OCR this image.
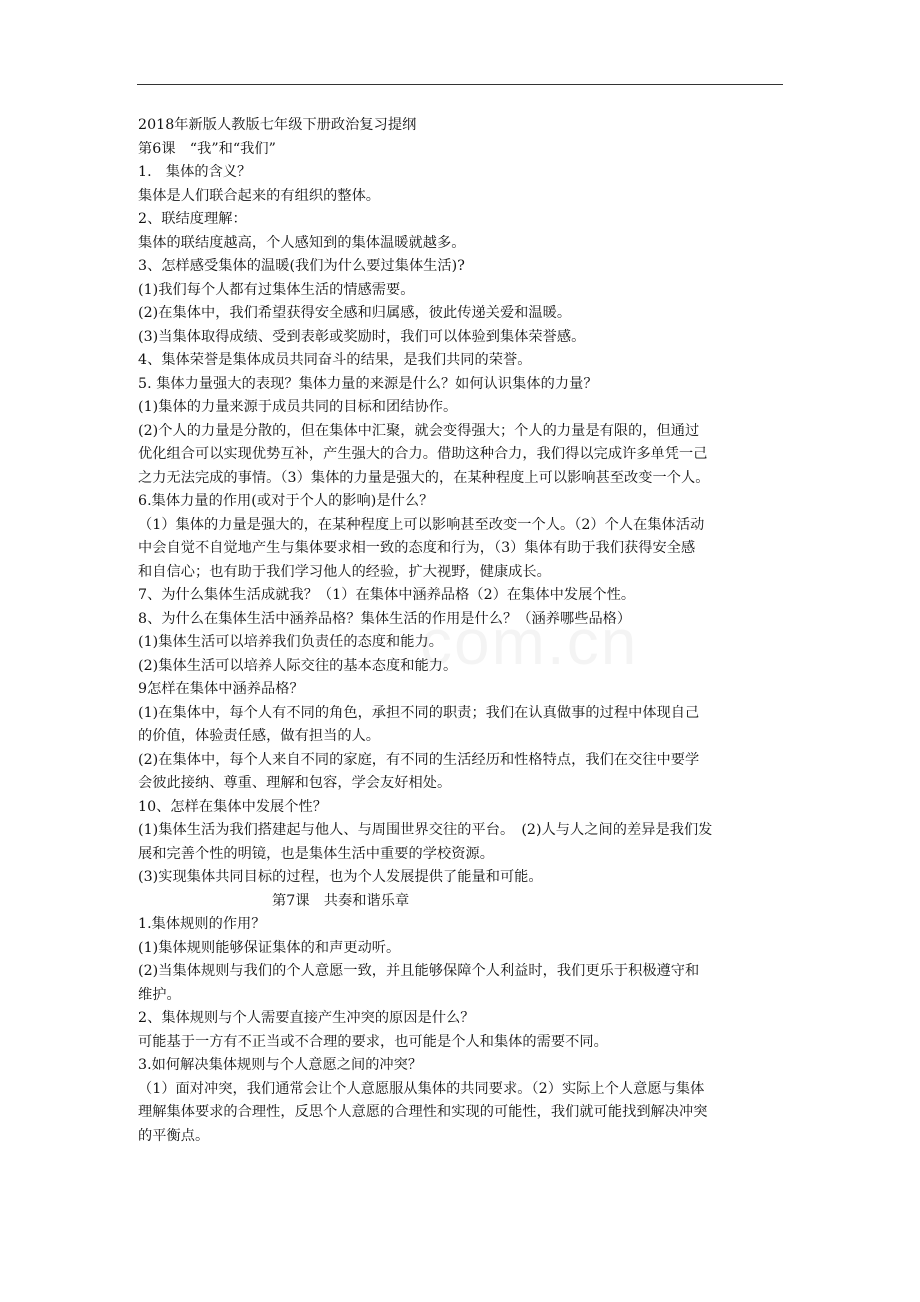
2018年新版人教版七年级下册政治复习提纲
第6课　“我”和“我们”
1.　集体的含义？
集体是人们联合起来的有组织的整体。
2、联结度理解：
集体的联结度越高，个人感知到的集体温暖就越多。
3、怎样感受集体的温暖(我们为什么要过集体生活)?
(1)我们每个人都有过集体生活的情感需要。
(2)在集体中，我们希望获得安全感和归属感，彼此传递关爱和温暖。
(3)当集体取得成绩、受到表彰或奖励时，我们可以体验到集体荣誉感。
4、集体荣誉是集体成员共同奋斗的结果，是我们共同的荣誉。
5. 集体力量强大的表现？集体力量的来源是什么？如何认识集体的力量？
(1)集体的力量来源于成员共同的目标和团结协作。
(2)个人的力量是分散的，但在集体中汇聚，就会变得强大；个人的力量是有限的，但通过
优化组合可以实现优势互补，产生强大的合力。借助这种合力，我们得以完成许多单凭一己
之力无法完成的事情。（3）集体的力量是强大的，在某种程度上可以影响甚至改变一个人。
6.集体力量的作用(或对于个人的影响)是什么？
（1）集体的力量是强大的，在某种程度上可以影响甚至改变一个人。（2）个人在集体活动
中会自觉不自觉地产生与集体要求相一致的态度和行为，（3）集体有助于我们获得安全感
和自信心；也有助于我们学习他人的经验，扩大视野，健康成长。
7、为什么集体生活成就我？（1）在集体中涵养品格（2）在集体中发展个性。
8、为什么在集体生活中涵养品格？集体生活的作用是什么？（涵养哪些品格）
(1)集体生活可以培养我们负责任的态度和能力。
(2)集体生活可以培养人际交往的基本态度和能力。
9怎样在集体中涵养品格？
(1)在集体中，每个人有不同的角色，承担不同的职责；我们在认真做事的过程中体现自己
的价值，体验责任感，做有担当的人。
(2)在集体中，每个人来自不同的家庭，有不同的生活经历和性格特点，我们在交往中要学
会彼此接纳、尊重、理解和包容，学会友好相处。
10、怎样在集体中发展个性？
(1)集体生活为我们搭建起与他人、与周围世界交往的平台。　(2)人与人之间的差异是我们发
展和完善个性的明镜，也是集体生活中重要的学校资源。
(3)实现集体共同目标的过程，也为个人发展提供了能量和可能。
第7课　共奏和谐乐章
1.集体规则的作用？
(1)集体规则能够保证集体的和声更动听。
(2)当集体规则与我们的个人意愿一致，并且能够保障个人利益时，我们更乐于积极遵守和
维护。
2、集体规则与个人需要直接产生冲突的原因是什么？
可能基于一方有不正当或不合理的要求，也可能是个人和集体的需要不同。
3.如何解决集体规则与个人意愿之间的冲突？
（1）面对冲突，我们通常会让个人意愿服从集体的共同要求。（2）实际上个人意愿与集体
理解集体要求的合理性，反思个人意愿的合理性和实现的可能性，我们就可能找到解决冲突
的平衡点。
